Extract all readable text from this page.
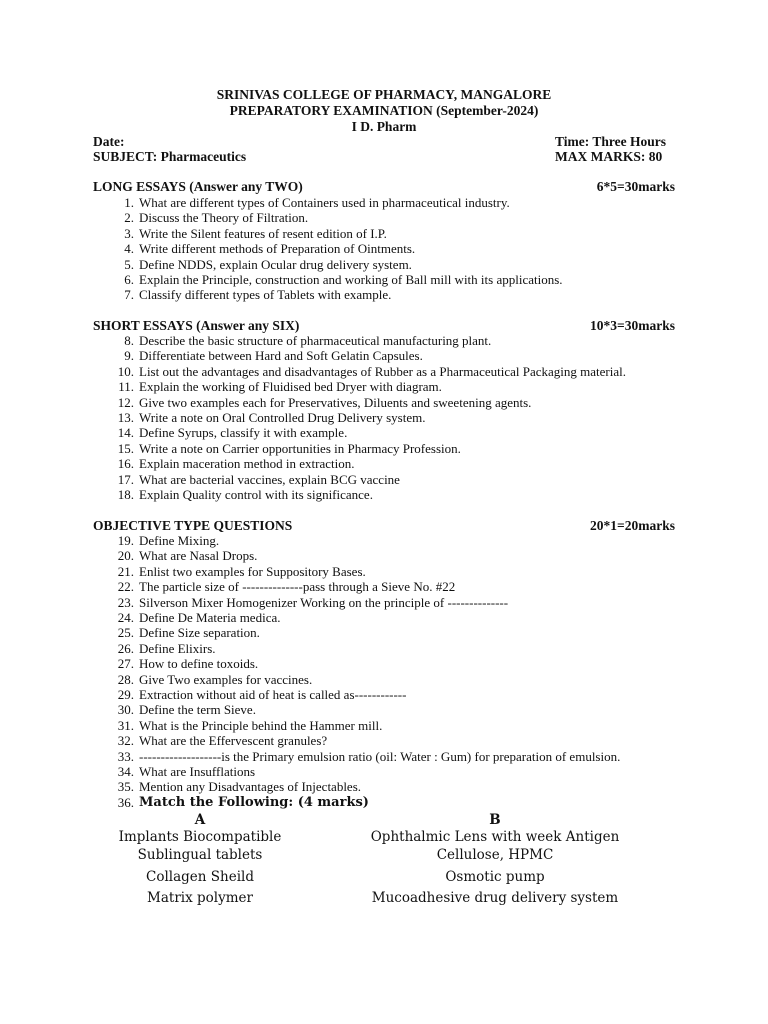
SRINIVAS COLLEGE OF PHARMACY, MANGALORE
PREPARATORY EXAMINATION (September-2024)
I D. Pharm
Date:	Time: Three Hours
SUBJECT: Pharmaceutics	MAX MARKS: 80
LONG ESSAYS (Answer any TWO)	6*5=30marks
1. What are different types of Containers used in pharmaceutical industry.
2. Discuss the Theory of Filtration.
3. Write the Silent features of resent edition of I.P.
4. Write different methods of Preparation of Ointments.
5. Define NDDS, explain Ocular drug delivery system.
6. Explain the Principle, construction and working of Ball mill with its applications.
7. Classify different types of Tablets with example.
SHORT ESSAYS (Answer any SIX)	10*3=30marks
8. Describe the basic structure of pharmaceutical manufacturing plant.
9. Differentiate between Hard and Soft Gelatin Capsules.
10. List out the advantages and disadvantages of Rubber as a Pharmaceutical Packaging material.
11. Explain the working of Fluidised bed Dryer with diagram.
12. Give two examples each for Preservatives, Diluents and sweetening agents.
13. Write a note on Oral Controlled Drug Delivery system.
14. Define Syrups, classify it with example.
15. Write a note on Carrier opportunities in Pharmacy Profession.
16. Explain maceration method in extraction.
17. What are bacterial vaccines, explain BCG vaccine
18. Explain Quality control with its significance.
OBJECTIVE TYPE QUESTIONS	20*1=20marks
19. Define Mixing.
20. What are Nasal Drops.
21. Enlist two examples for Suppository Bases.
22. The particle size of --------------pass through a Sieve No. #22
23. Silverson Mixer Homogenizer Working on the principle of --------------
24. Define De Materia medica.
25. Define Size separation.
26. Define Elixirs.
27. How to define toxoids.
28. Give Two examples for vaccines.
29. Extraction without aid of heat is called as------------
30. Define the term Sieve.
31. What is the Principle behind the Hammer mill.
32. What are the Effervescent granules?
33. -------------------is the Primary emulsion ratio (oil: Water : Gum) for preparation of emulsion.
34. What are Insufflations
35. Mention any Disadvantages of Injectables.
36. Match the Following: (4 marks)
A	B
Implants Biocompatible	Ophthalmic Lens with week Antigen
Sublingual tablets	Cellulose, HPMC
Collagen Sheild	Osmotic pump
Matrix polymer	Mucoadhesive drug delivery system
